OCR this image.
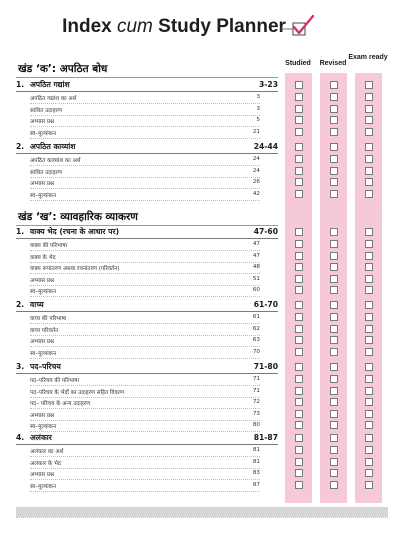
Index cum Study Planner
Studied	Revised
Exam ready
खंड ‘क’: अपठित बोध
1. अपठित गद्यांश	3-23
अपठित गद्यांश का अर्थ	3
साधित उदाहरण	3
अभ्यास प्रश्न	5
स्व–मूल्यांकन	21
2. अपठित काव्यांश	24-44
अपठित काव्यांश का अर्थ	24
साधित उदाहरण	24
अभ्यास प्रश्न	26
स्व–मूल्यांकन	42
खंड ‘ख’: व्यावहारिक व्याकरण
1. वाक्य भेद (रचना के आधार पर)	47-60
वाक्य की परिभाषा	47
वाक्य के भेद	47
वाक्य रूपांतरण अथवा रचनांतरण (परिवर्तन)	48
अभ्यास प्रश्न	51
स्व–मूल्यांकन	60
2. वाच्य	61-70
वाच्य की परिभाषा	61
वाच्य परिवर्तन	62
अभ्यास प्रश्न	63
स्व–मूल्यांकन	70
3. पद–परिचय	71-80
पद–परिचय की परिभाषा	71
पद–परिचय के भेदों का उदाहरण सहित विवरण	71
पद– परिचय के अन्य उदाहरण	72
अभ्यास प्रश्न	73
स्व–मूल्यांकन	80
4. अलंकार	81-87
अलंकार का अर्थ	81
अलंकार के भेद	81
अभ्यास प्रश्न	83
स्व–मूल्यांकन	87
